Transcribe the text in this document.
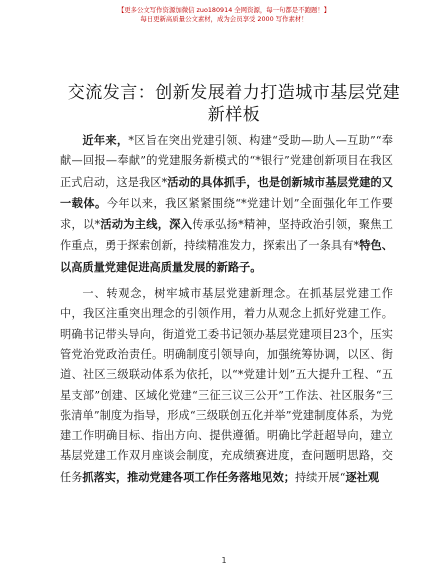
【更多公文写作资源加微信 zuo180914 全网资源，每一句都是不跑题！】
每日更新高质量公文素材，成为会员享受 2000 写作素材！
交流发言：创新发展着力打造城市基层党建新样板

近年来，*区旨在突出党建引领、构建“受助—助人—互助”“奉献—回报—奉献”的党建服务新模式的“*银行”党建创新项目在我区正式启动，这是我区*活动的具体抓手，也是创新城市基层党建的又一载体。今年以来，我区紧紧围绕“*党建计划”全面强化年工作要求，以*活动为主线，深入传承弘扬*精神，坚持政治引领，聚焦工作重点，勇于探索创新，持续精准发力，探索出了一条具有*特色、以高质量党建促进高质量发展的新路子。

一、转观念，树牢城市基层党建新理念。在抓基层党建工作中，我区注重突出理念的引领作用，着力从观念上抓好党建工作。明确书记带头导向，街道党工委书记领办基层党建项目23个，压实管党治党政治责任。明确制度引领导向，加强统筹协调，以区、街道、社区三级联动体系为依托，以“*党建计划”五大提升工程、“五星支部”创建、区域化党建“三征三议三公开”工作法、社区服务“三张清单”制度为指导，形成“三级联创五化并举”党建制度体系，为党建工作明确目标、指出方向、提供遵循。明确比学赶超导向，建立基层党建工作双月座谈会制度，充成绩赛进度，查问题明思路，交任务抓落实，推动党建各项工作任务落地见效；持续开展“逐社观

1
